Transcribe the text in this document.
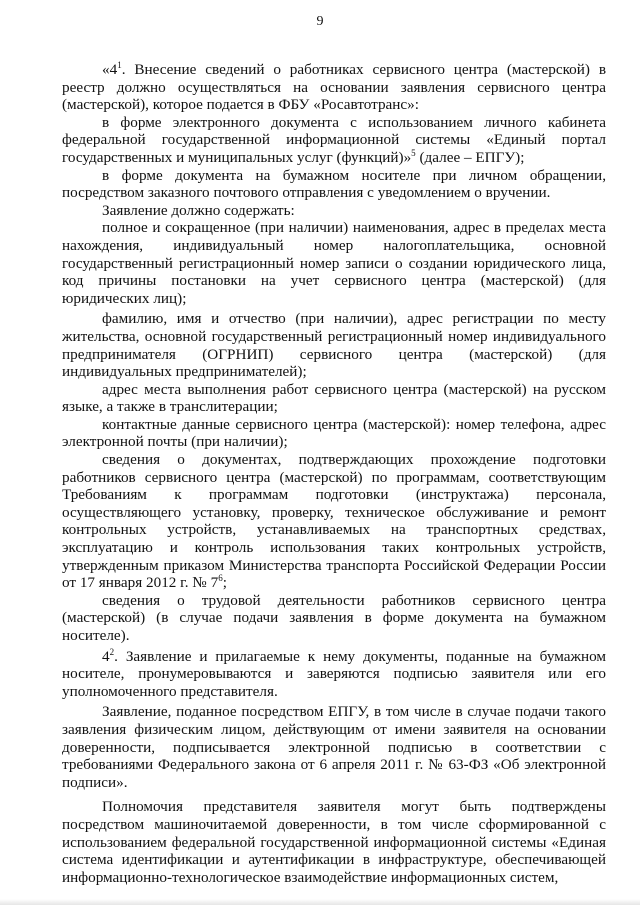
9

«$4^1$. Внесение сведений о работниках сервисного центра (мастерской) в реестр должно осуществляться на основании заявления сервисного центра (мастерской), которое подается в ФБУ «Росавтотранс»:

в форме электронного документа с использованием личного кабинета федеральной государственной информационной системы «Единый портал государственных и муниципальных услуг (функций)»$^5$ (далее – ЕПГУ);

в форме документа на бумажном носителе при личном обращении, посредством заказного почтового отправления с уведомлением о вручении.

Заявление должно содержать:

полное и сокращенное (при наличии) наименования, адрес в пределах места нахождения, индивидуальный номер налогоплательщика, основной государственный регистрационный номер записи о создании юридического лица, код причины постановки на учет сервисного центра (мастерской) (для юридических лиц);

фамилию, имя и отчество (при наличии), адрес регистрации по месту жительства, основной государственный регистрационный номер индивидуального предпринимателя (ОГРНИП) сервисного центра (мастерской) (для индивидуальных предпринимателей);

адрес места выполнения работ сервисного центра (мастерской) на русском языке, а также в транслитерации;

контактные данные сервисного центра (мастерской): номер телефона, адрес электронной почты (при наличии);

сведения о документах, подтверждающих прохождение подготовки работников сервисного центра (мастерской) по программам, соответствующим Требованиям к программам подготовки (инструктажа) персонала, осуществляющего установку, проверку, техническое обслуживание и ремонт контрольных устройств, устанавливаемых на транспортных средствах, эксплуатацию и контроль использования таких контрольных устройств, утвержденным приказом Министерства транспорта Российской Федерации России от 17 января 2012 г. № $7^6$;

сведения о трудовой деятельности работников сервисного центра (мастерской) (в случае подачи заявления в форме документа на бумажном носителе).

$4^2$. Заявление и прилагаемые к нему документы, поданные на бумажном носителе, пронумеровываются и заверяются подписью заявителя или его уполномоченного представителя.

Заявление, поданное посредством ЕПГУ, в том числе в случае подачи такого заявления физическим лицом, действующим от имени заявителя на основании доверенности, подписывается электронной подписью в соответствии с требованиями Федерального закона от 6 апреля 2011 г. № 63-ФЗ «Об электронной подписи».

Полномочия представителя заявителя могут быть подтверждены посредством машиночитаемой доверенности, в том числе сформированной с использованием федеральной государственной информационной системы «Единая система идентификации и аутентификации в инфраструктуре, обеспечивающей информационно-технологическое взаимодействие информационных систем,
